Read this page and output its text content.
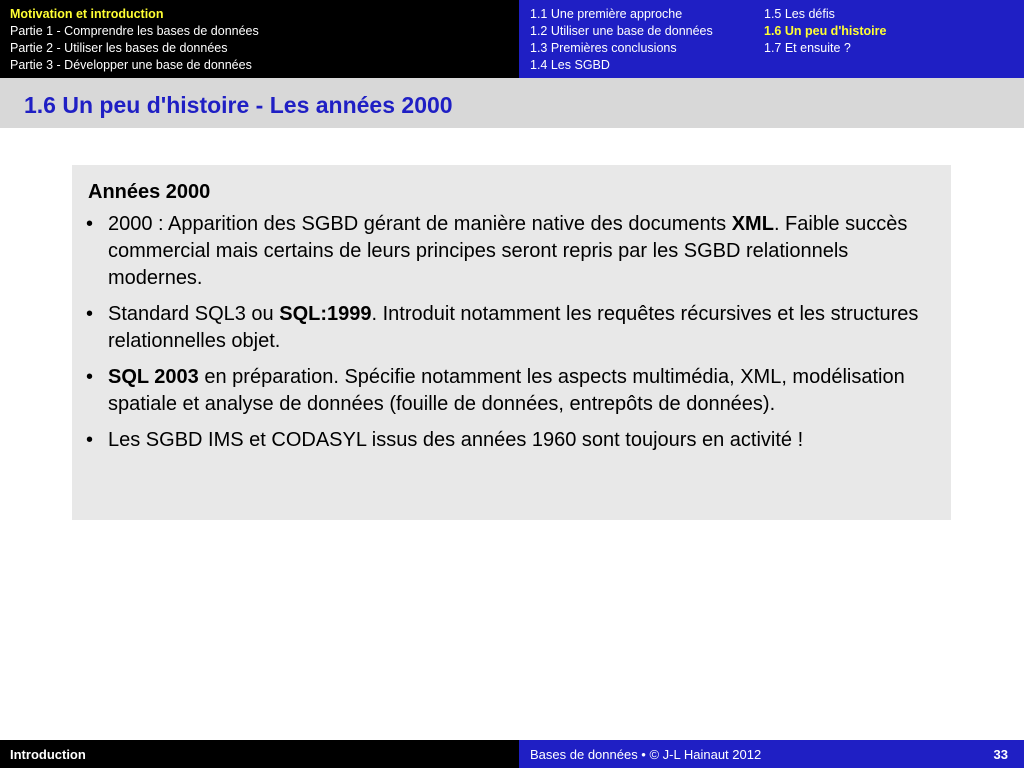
Motivation et introduction
Partie 1 - Comprendre les bases de données
Partie 2 - Utiliser les bases de données
Partie 3 - Développer une base de données
1.1 Une première approche
1.2 Utiliser une base de données
1.3 Premières conclusions
1.4 Les SGBD
1.5 Les défis
1.6 Un peu d'histoire
1.7 Et ensuite ?
1.6 Un peu d'histoire - Les années 2000
Années 2000
• 2000 : Apparition des SGBD gérant de manière native des documents XML. Faible succès commercial mais certains de leurs principes seront repris par les SGBD relationnels modernes.
• Standard SQL3 ou SQL:1999. Introduit notamment les requêtes récursives et les structures relationnelles objet.
• SQL 2003 en préparation. Spécifie notamment les aspects multimédia, XML, modélisation spatiale et analyse de données (fouille de données, entrepôts de données).
• Les SGBD IMS et CODASYL issus des années 1960 sont toujours en activité !
Introduction	Bases de données • © J-L Hainaut 2012	33
